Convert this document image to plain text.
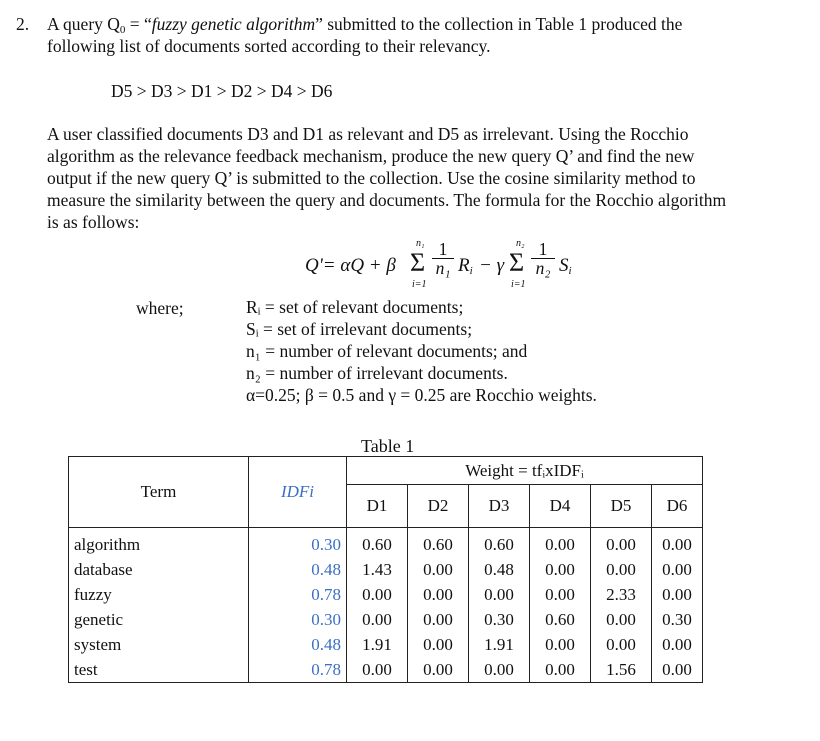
2. A query $Q_0$ = “fuzzy genetic algorithm” submitted to the collection in Table 1 produced the
following list of documents sorted according to their relevancy.
D5 > D3 > D1 > D2 > D4 > D6
A user classified documents D3 and D1 as relevant and D5 as irrelevant. Using the Rocchio
algorithm as the relevance feedback mechanism, produce the new query Q’ and find the new
output if the new query Q’ is submitted to the collection. Use the cosine similarity method to
measure the similarity between the query and documents. The formula for the Rocchio algorithm
is as follows:
Q'= αQ + β
n₁
Σ
i=1
$\frac{1}{\text{n₁}} R_i - \gamma$
n₂
Σ
i=1
$\frac{1}{\text{n₂}} S_i$
where;	Rᵢ = set of relevant documents;
Sᵢ = set of irrelevant documents;
n₁ = number of relevant documents; and
n₂ = number of irrelevant documents.
α=0.25; β = 0.5 and γ = 0.25 are Rocchio weights.
Table 1
Term	IDFi	Weight = tfᵢxIDFᵢ					
		D1	D2	D3	D4	D5	D6
algorithm	0.30	0.60	0.60	0.60	0.00	0.00	0.00
database	0.48	1.43	0.00	0.48	0.00	0.00	0.00
fuzzy	0.78	0.00	0.00	0.00	0.00	2.33	0.00
genetic	0.30	0.00	0.00	0.30	0.60	0.00	0.30
system	0.48	1.91	0.00	1.91	0.00	0.00	0.00
test	0.78	0.00	0.00	0.00	0.00	1.56	0.00
